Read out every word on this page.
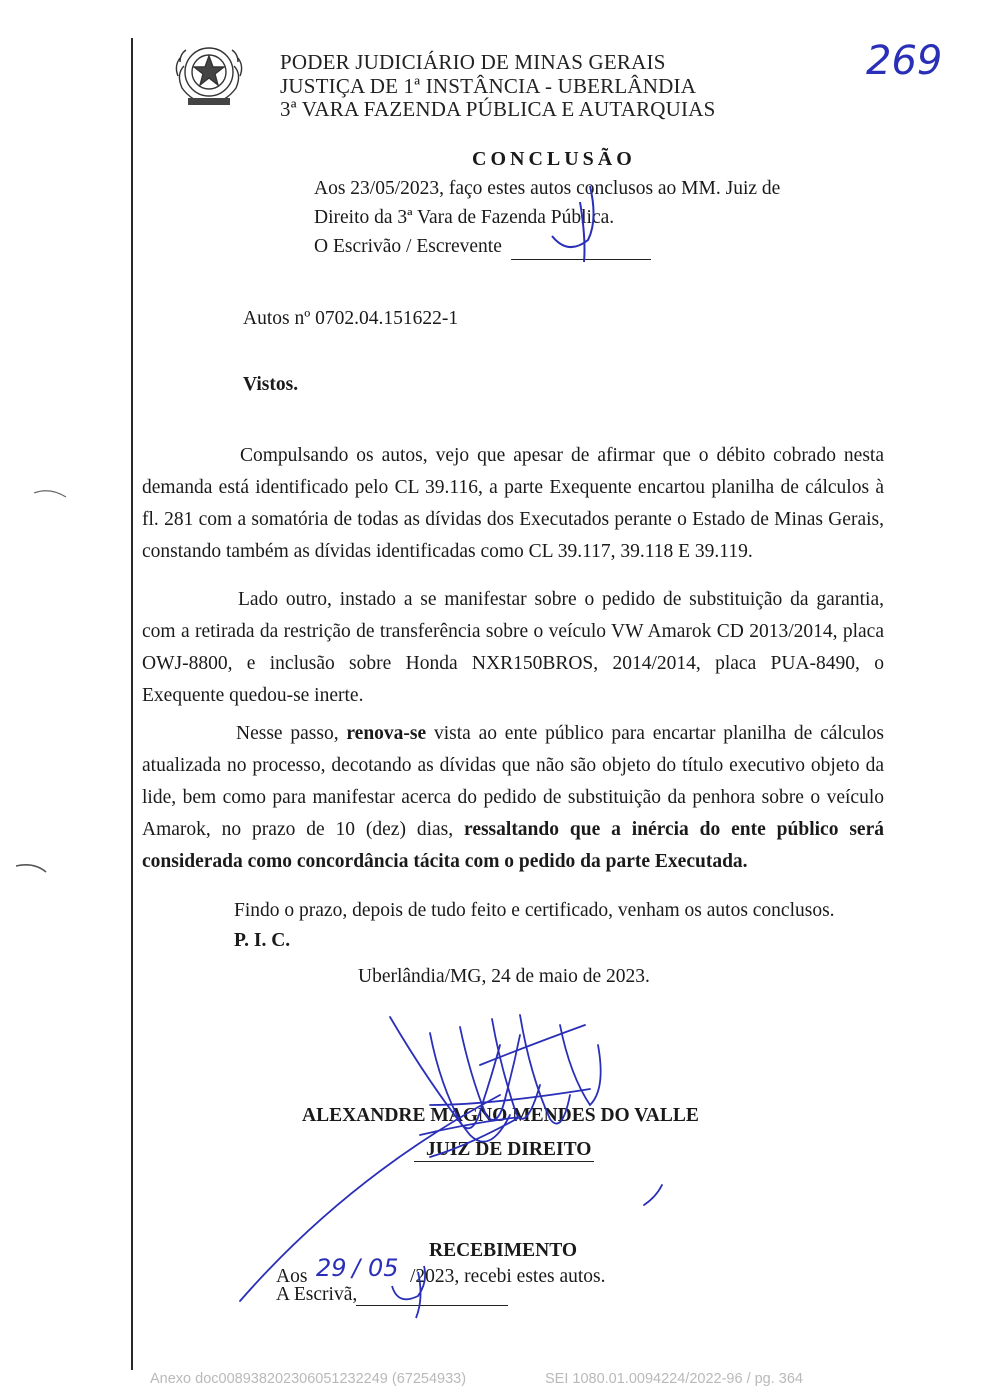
PODER JUDICIÁRIO DE MINAS GERAIS
JUSTIÇA DE 1ª INSTÂNCIA - UBERLÂNDIA
3ª VARA FAZENDA PÚBLICA E AUTARQUIAS
269
CONCLUSÃO
Aos 23/05/2023, faço estes autos conclusos ao MM. Juiz de
Direito da 3ª Vara de Fazenda Pública.
O Escrivão / Escrevente
Autos nº 0702.04.151622-1
Vistos.
Compulsando os autos, vejo que apesar de afirmar que o débito cobrado nesta demanda está identificado pelo CL 39.116, a parte Exequente encartou planilha de cálculos à fl. 281 com a somatória de todas as dívidas dos Executados perante o Estado de Minas Gerais, constando também as dívidas identificadas como CL 39.117, 39.118 E 39.119.
Lado outro, instado a se manifestar sobre o pedido de substituição da garantia, com a retirada da restrição de transferência sobre o veículo VW Amarok CD 2013/2014, placa OWJ-8800, e inclusão sobre Honda NXR150BROS, 2014/2014, placa PUA-8490, o Exequente quedou-se inerte.
Nesse passo, renova-se vista ao ente público para encartar planilha de cálculos atualizada no processo, decotando as dívidas que não são objeto do título executivo objeto da lide, bem como para manifestar acerca do pedido de substituição da penhora sobre o veículo Amarok, no prazo de 10 (dez) dias, ressaltando que a inércia do ente público será considerada como concordância tácita com o pedido da parte Executada.
Findo o prazo, depois de tudo feito e certificado, venham os autos conclusos.
P. I. C.
Uberlândia/MG, 24 de maio de 2023.
ALEXANDRE MAGNO MENDES DO VALLE
JUIZ DE DIREITO
RECEBIMENTO
Aos 29 / 05 /2023, recebi estes autos.
A Escrivã,
Anexo doc008938202306051232249 (67254933)	SEI 1080.01.0094224/2022-96 / pg. 364
